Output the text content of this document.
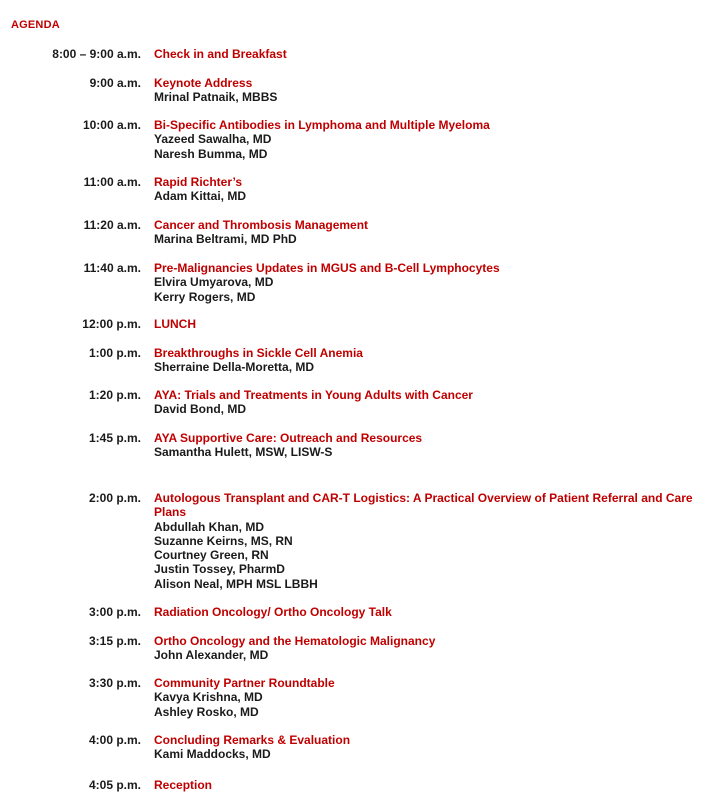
AGENDA
8:00 – 9:00 a.m. Check in and Breakfast
9:00 a.m. Keynote Address
Mrinal Patnaik, MBBS
10:00 a.m. Bi-Specific Antibodies in Lymphoma and Multiple Myeloma
Yazeed Sawalha, MD
Naresh Bumma, MD
11:00 a.m. Rapid Richter’s
Adam Kittai, MD
11:20 a.m. Cancer and Thrombosis Management
Marina Beltrami, MD PhD
11:40 a.m. Pre-Malignancies Updates in MGUS and B-Cell Lymphocytes
Elvira Umyarova, MD
Kerry Rogers, MD
12:00 p.m. LUNCH
1:00 p.m. Breakthroughs in Sickle Cell Anemia
Sherraine Della-Moretta, MD
1:20 p.m. AYA: Trials and Treatments in Young Adults with Cancer
David Bond, MD
1:45 p.m. AYA Supportive Care: Outreach and Resources
Samantha Hulett, MSW, LISW-S
2:00 p.m. Autologous Transplant and CAR-T Logistics: A Practical Overview of Patient Referral and Care Plans
Abdullah Khan, MD
Suzanne Keirns, MS, RN
Courtney Green, RN
Justin Tossey, PharmD
Alison Neal, MPH MSL LBBH
3:00 p.m. Radiation Oncology/ Ortho Oncology Talk
3:15 p.m. Ortho Oncology and the Hematologic Malignancy
John Alexander, MD
3:30 p.m. Community Partner Roundtable
Kavya Krishna, MD
Ashley Rosko, MD
4:00 p.m. Concluding Remarks & Evaluation
Kami Maddocks, MD
4:05 p.m. Reception
